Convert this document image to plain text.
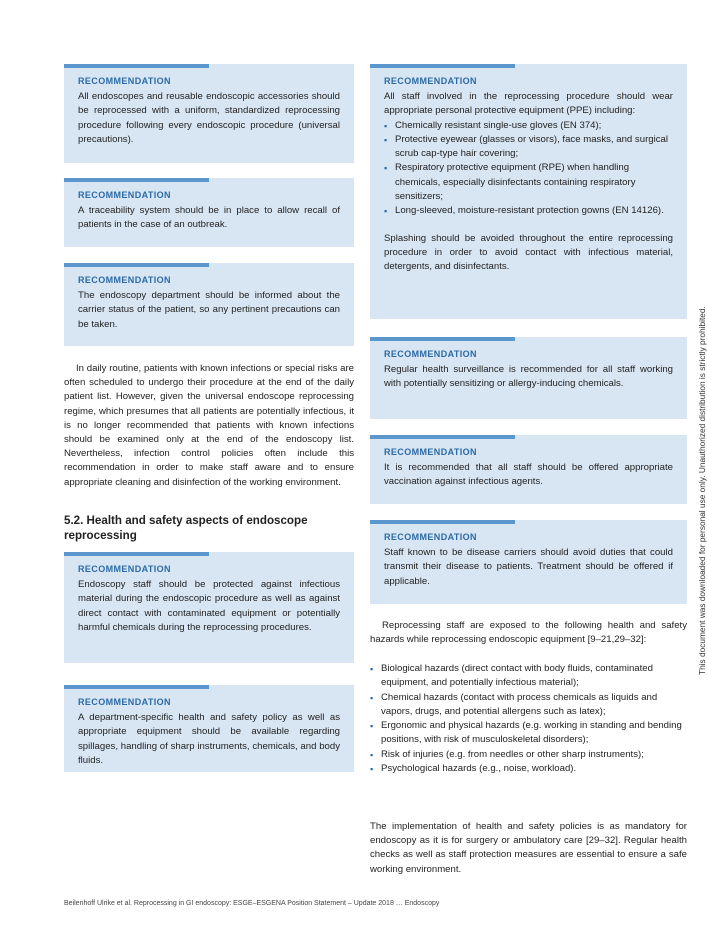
RECOMMENDATION

All endoscopes and reusable endoscopic accessories should be reprocessed with a uniform, standardized reprocessing procedure following every endoscopic procedure (universal precautions).

RECOMMENDATION

A traceability system should be in place to allow recall of patients in the case of an outbreak.

RECOMMENDATION

The endoscopy department should be informed about the carrier status of the patient, so any pertinent precautions can be taken.

In daily routine, patients with known infections or special risks are often scheduled to undergo their procedure at the end of the daily patient list. However, given the universal endoscope reprocessing regime, which presumes that all patients are potentially infectious, it is no longer recommended that patients with known infections should be examined only at the end of the endoscopy list. Nevertheless, infection control policies often include this recommendation in order to make staff aware and to ensure appropriate cleaning and disinfection of the working environment.

5.2. Health and safety aspects of endoscope reprocessing
RECOMMENDATION

Endoscopy staff should be protected against infectious material during the endoscopic procedure as well as against direct contact with contaminated equipment or potentially harmful chemicals during the reprocessing procedures.

RECOMMENDATION

A department-specific health and safety policy as well as appropriate equipment should be available regarding spillages, handling of sharp instruments, chemicals, and body fluids.

RECOMMENDATION

All staff involved in the reprocessing procedure should wear appropriate personal protective equipment (PPE) including:

▪ Chemically resistant single-use gloves (EN 374);
▪ Protective eyewear (glasses or visors), face masks, and surgical scrub cap-type hair covering;
▪ Respiratory protective equipment (RPE) when handling chemicals, especially disinfectants containing respiratory sensitizers;
▪ Long-sleeved, moisture-resistant protection gowns (EN 14126).

Splashing should be avoided throughout the entire reprocessing procedure in order to avoid contact with infectious material, detergents, and disinfectants.

RECOMMENDATION

Regular health surveillance is recommended for all staff working with potentially sensitizing or allergy-inducing chemicals.

RECOMMENDATION

It is recommended that all staff should be offered appropriate vaccination against infectious agents.

RECOMMENDATION

Staff known to be disease carriers should avoid duties that could transmit their disease to patients. Treatment should be offered if applicable.

Reprocessing staff are exposed to the following health and safety hazards while reprocessing endoscopic equipment [9–21,29–32]:

▪ Biological hazards (direct contact with body fluids, contaminated equipment, and potentially infectious material);
▪ Chemical hazards (contact with process chemicals as liquids and vapors, drugs, and potential allergens such as latex);
▪ Ergonomic and physical hazards (e.g. working in standing and bending positions, with risk of musculoskeletal disorders);
▪ Risk of injuries (e.g. from needles or other sharp instruments);
▪ Psychological hazards (e.g., noise, workload).

The implementation of health and safety policies is as mandatory for endoscopy as it is for surgery or ambulatory care [29–32]. Regular health checks as well as staff protection measures are essential to ensure a safe working environment.

Beilenhoff Ulrike et al. Reprocessing in GI endoscopy: ESGE–ESGENA Position Statement – Update 2018 … Endoscopy
This document was downloaded for personal use only. Unauthorized distribution is strictly prohibited.
